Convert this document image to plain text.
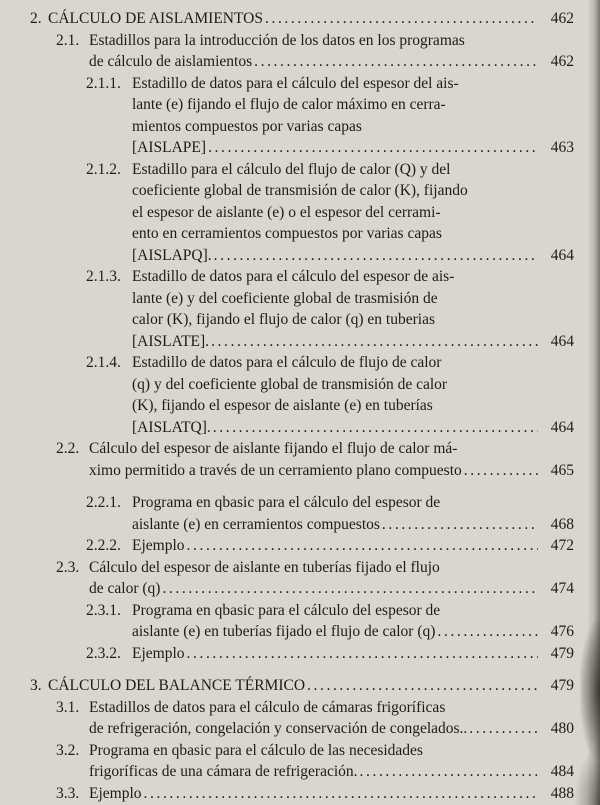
2. CÁLCULO DE AISLAMIENTOS .....	462
2.1. Estadillos para la introducción de los datos en los programas
de cálculo de aislamientos .....	462
2.1.1. Estadillo de datos para el cálculo del espesor del ais-
lante (e) fijando el flujo de calor máximo en cerra-
mientos compuestos por varias capas
[AISLAPE] .....	463
2.1.2. Estadillo para el cálculo del flujo de calor (Q) y del
coeficiente global de transmisión de calor (K), fijando
el espesor de aislante (e) o el espesor del cerrami-
ento en cerramientos compuestos por varias capas
[AISLAPQ]. .....	464
2.1.3. Estadillo de datos para el cálculo del espesor de ais-
lante (e) y del coeficiente global de trasmisión de
calor (K), fijando el flujo de calor (q) en tuberias
[AISLATE]. .....	464
2.1.4. Estadillo de datos para el cálculo de flujo de calor
(q) y del coeficiente global de transmisión de calor
(K), fijando el espesor de aislante (e) en tuberías
[AISLATQ]. .....	464
2.2. Cálculo del espesor de aislante fijando el flujo de calor má-
ximo permitido a través de un cerramiento plano compuesto .....	465
2.2.1. Programa en qbasic para el cálculo del espesor de
aislante (e) en cerramientos compuestos .....	468
2.2.2. Ejemplo .....	472
2.3. Cálculo del espesor de aislante en tuberías fijado el flujo
de calor (q) .....	474
2.3.1. Programa en qbasic para el cálculo del espesor de
aislante (e) en tuberías fijado el flujo de calor (q) .....	476
2.3.2. Ejemplo .....	479
3. CÁLCULO DEL BALANCE TÉRMICO .....	479
3.1. Estadillos de datos para el cálculo de cámaras frigoríficas
de refrigeración, congelación y conservación de congelados.. .....	480
3.2. Programa en qbasic para el cálculo de las necesidades
frigoríficas de una cámara de refrigeración. .....	484
3.3. Ejemplo .....	488
